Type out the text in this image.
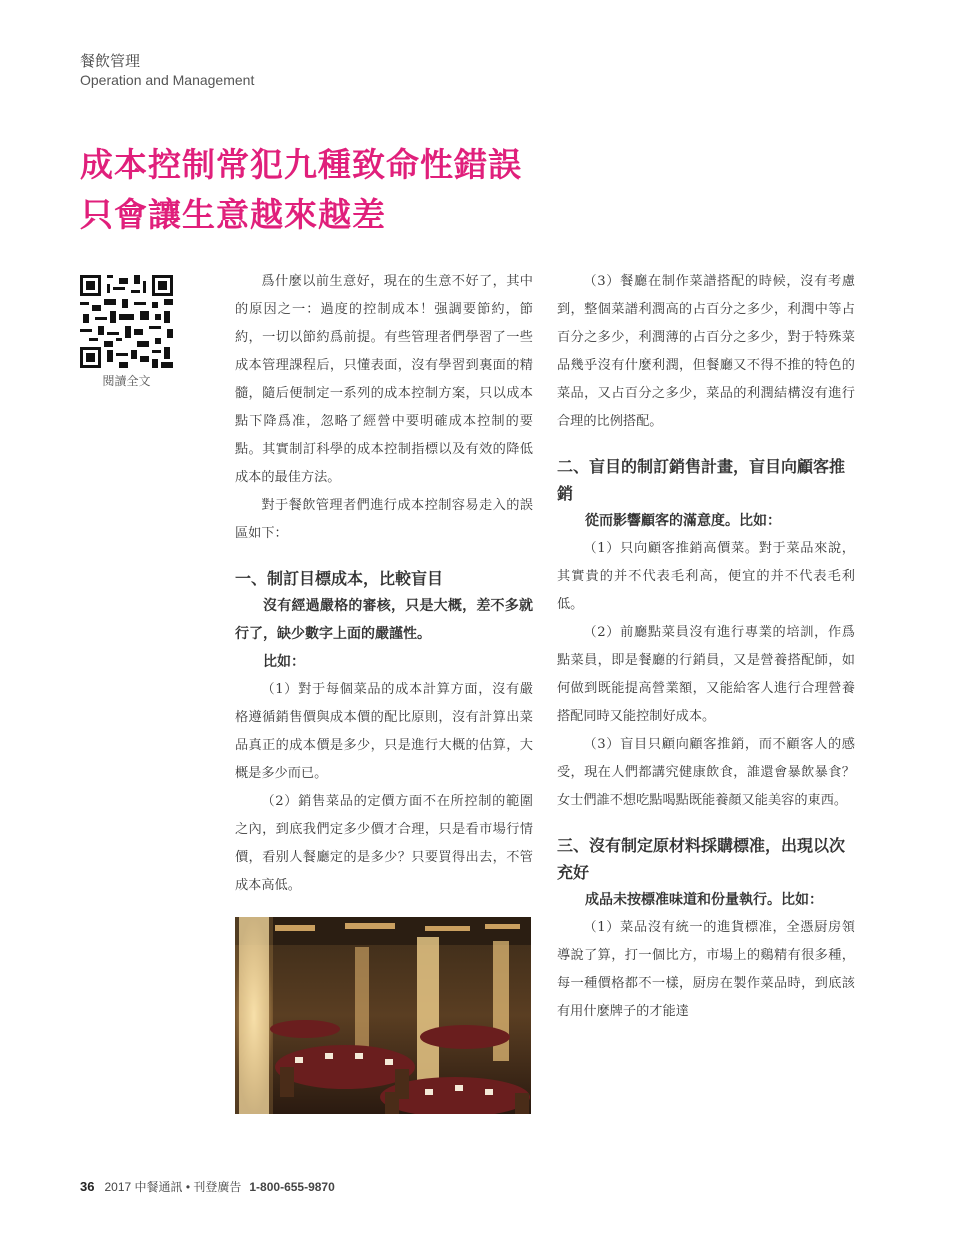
餐飲管理
Operation and Management
成本控制常犯九種致命性錯誤
只會讓生意越來越差
閱讀全文

爲什麼以前生意好，現在的生意不好了，其中的原因之一：過度的控制成本！强調要節約，節約，一切以節約爲前提。有些管理者們學習了一些成本管理課程后，只懂表面，沒有學習到裏面的精髓，隨后便制定一系列的成本控制方案，只以成本點下降爲准，忽略了經營中要明確成本控制的要點。其實制訂科學的成本控制指標以及有效的降低成本的最佳方法。

對于餐飲管理者們進行成本控制容易走入的誤區如下：

一、制訂目標成本，比較盲目

沒有經過嚴格的審核，只是大概，差不多就行了，缺少數字上面的嚴謹性。

比如：

（1）對于每個菜品的成本計算方面，沒有嚴格遵循銷售價與成本價的配比原則，沒有計算出菜品真正的成本價是多少，只是進行大概的估算，大概是多少而已。

（2）銷售菜品的定價方面不在所控制的範圍之內，到底我們定多少價才合理，只是看市場行情價，看别人餐廳定的是多少？只要買得出去，不管成本高低。

（3）餐廳在制作菜譜搭配的時候，沒有考慮到，整個菜譜利潤高的占百分之多少，利潤中等占百分之多少，利潤薄的占百分之多少，對于特殊菜品幾乎沒有什麼利潤，但餐廳又不得不推的特色的菜品，又占百分之多少，菜品的利潤結構沒有進行合理的比例搭配。

二、盲目的制訂銷售計畫，盲目向顧客推銷

從而影響顧客的滿意度。比如：

（1）只向顧客推銷高價菜。對于菜品來說，其實貴的并不代表毛利高，便宜的并不代表毛利低。

（2）前廳點菜員沒有進行專業的培訓，作爲點菜員，即是餐廳的行銷員，又是營養搭配師，如何做到既能提高營業額，又能給客人進行合理營養搭配同時又能控制好成本。

（3）盲目只顧向顧客推銷，而不顧客人的感受，現在人們都講究健康飲食，誰還會暴飲暴食？女士們誰不想吃點喝點既能養顏又能美容的東西。

三、沒有制定原材料採購標准，出現以次充好

成品未按標准味道和份量執行。比如：

（1）菜品沒有統一的進貨標准，全憑厨房領導說了算，打一個比方，市場上的鷄精有很多種，每一種價格都不一樣，厨房在製作菜品時，到底該有用什麼牌子的才能達

36 2017 中餐通訊 • 刊登廣告 1-800-655-9870
